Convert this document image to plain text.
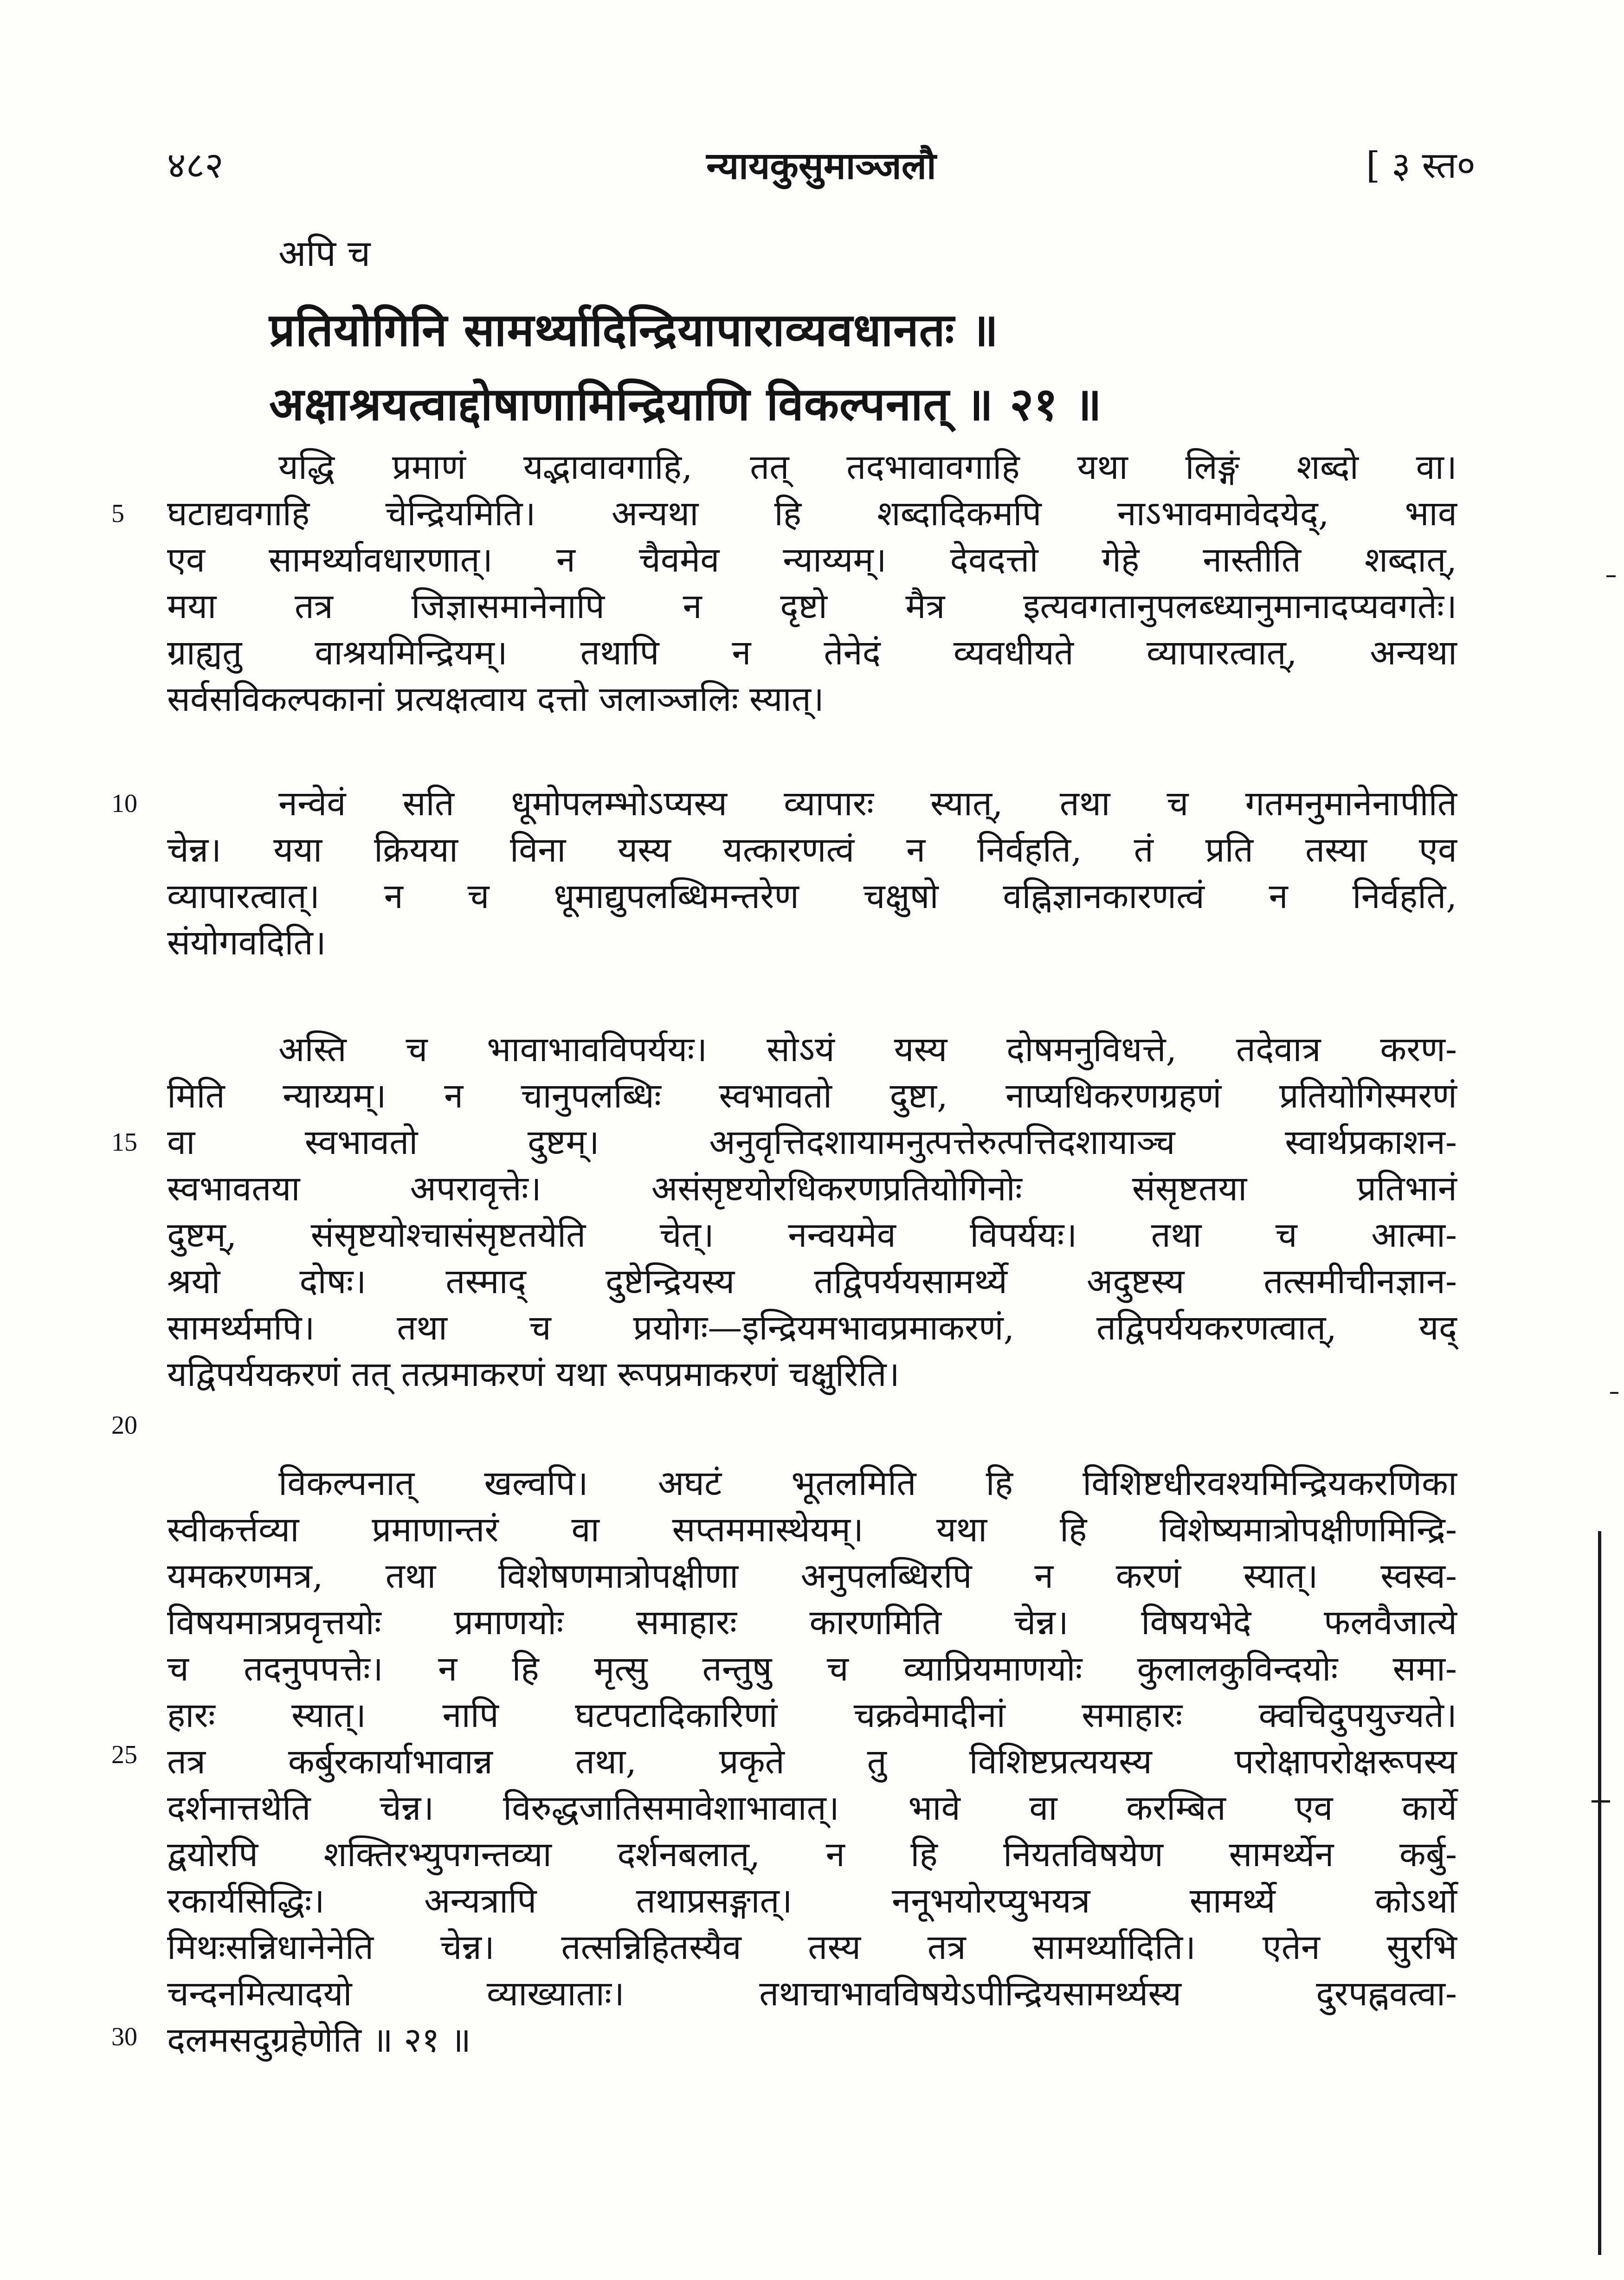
४८२	न्यायकुसुमाञ्जलौ	[ ३ स्त०
अपि च
प्रतियोगिनि सामर्थ्यादिन्द्रियापाराव्यवधानतः ॥
अक्षाश्रयत्वाद्दोषाणामिन्द्रियाणि विकल्पनात् ॥ २१ ॥
5
10
15
20
25
30
यद्धि प्रमाणं यद्भावावगाहि, तत् तदभावावगाहि यथा लिङ्गं शब्दो वा।
घटाद्यवगाहि चेन्द्रियमिति। अन्यथा हि शब्दादिकमपि नाऽभावमावेदयेद्, भाव
एव सामर्थ्यावधारणात्। न चैवमेव न्याय्यम्। देवदत्तो गेहे नास्तीति शब्दात्,
मया तत्र जिज्ञासमानेनापि न दृष्टो मैत्र इत्यवगतानुपलब्ध्यानुमानादप्यवगतेः।
ग्राह्यतु वाश्रयमिन्द्रियम्। तथापि न तेनेदं व्यवधीयते व्यापारत्वात्, अन्यथा
सर्वसविकल्पकानां प्रत्यक्षत्वाय दत्तो जलाञ्जलिः स्यात्।
नन्वेवं सति धूमोपलम्भोऽप्यस्य व्यापारः स्यात्, तथा च गतमनुमानेनापीति
चेन्न। यया क्रियया विना यस्य यत्कारणत्वं न निर्वहति, तं प्रति तस्या एव
व्यापारत्वात्। न च धूमाद्युपलब्धिमन्तरेण चक्षुषो वह्निज्ञानकारणत्वं न निर्वहति,
संयोगवदिति।
अस्ति च भावाभावविपर्ययः। सोऽयं यस्य दोषमनुविधत्ते, तदेवात्र करण-
मिति न्याय्यम्। न चानुपलब्धिः स्वभावतो दुष्टा, नाप्यधिकरणग्रहणं प्रतियोगिस्मरणं
वा स्वभावतो दुष्टम्। अनुवृत्तिदशायामनुत्पत्तेरुत्पत्तिदशायाञ्च स्वार्थप्रकाशन-
स्वभावतया अपरावृत्तेः। असंसृष्टयोरधिकरणप्रतियोगिनोः संसृष्टतया प्रतिभानं
दुष्टम्, संसृष्टयोश्चासंसृष्टतयेति चेत्। नन्वयमेव विपर्ययः। तथा च आत्मा-
श्रयो दोषः। तस्माद् दुष्टेन्द्रियस्य तद्विपर्ययसामर्थ्ये अदुष्टस्य तत्समीचीनज्ञान-
सामर्थ्यमपि। तथा च प्रयोगः—इन्द्रियमभावप्रमाकरणं, तद्विपर्ययकरणत्वात्, यद्
यद्विपर्ययकरणं तत् तत्प्रमाकरणं यथा रूपप्रमाकरणं चक्षुरिति।
विकल्पनात् खल्वपि। अघटं भूतलमिति हि विशिष्टधीरवश्यमिन्द्रियकरणिका
स्वीकर्त्तव्या प्रमाणान्तरं वा सप्तममास्थेयम्। यथा हि विशेष्यमात्रोपक्षीणमिन्द्रि-
यमकरणमत्र, तथा विशेषणमात्रोपक्षीणा अनुपलब्धिरपि न करणं स्यात्। स्वस्व-
विषयमात्रप्रवृत्तयोः प्रमाणयोः समाहारः कारणमिति चेन्न। विषयभेदे फलवैजात्ये
च तदनुपपत्तेः। न हि मृत्सु तन्तुषु च व्याप्रियमाणयोः कुलालकुविन्दयोः समा-
हारः स्यात्। नापि घटपटादिकारिणां चक्रवेमादीनां समाहारः क्वचिदुपयुज्यते।
तत्र कर्बुरकार्याभावान्न तथा, प्रकृते तु विशिष्टप्रत्ययस्य परोक्षापरोक्षरूपस्य
दर्शनात्तथेति चेन्न। विरुद्धजातिसमावेशाभावात्। भावे वा करम्बित एव कार्ये
द्वयोरपि शक्तिरभ्युपगन्तव्या दर्शनबलात्, न हि नियतविषयेण सामर्थ्येन कर्बु-
रकार्यसिद्धिः। अन्यत्रापि तथाप्रसङ्गात्। ननूभयोरप्युभयत्र सामर्थ्ये कोऽर्थो
मिथःसन्निधानेनेति चेन्न। तत्सन्निहितस्यैव तस्य तत्र सामर्थ्यादिति। एतेन सुरभि
चन्दनमित्यादयो व्याख्याताः। तथाचाभावविषयेऽपीन्द्रियसामर्थ्यस्य दुरपह्नवत्वा-
दलमसदुग्रहेणेति ॥ २१ ॥
